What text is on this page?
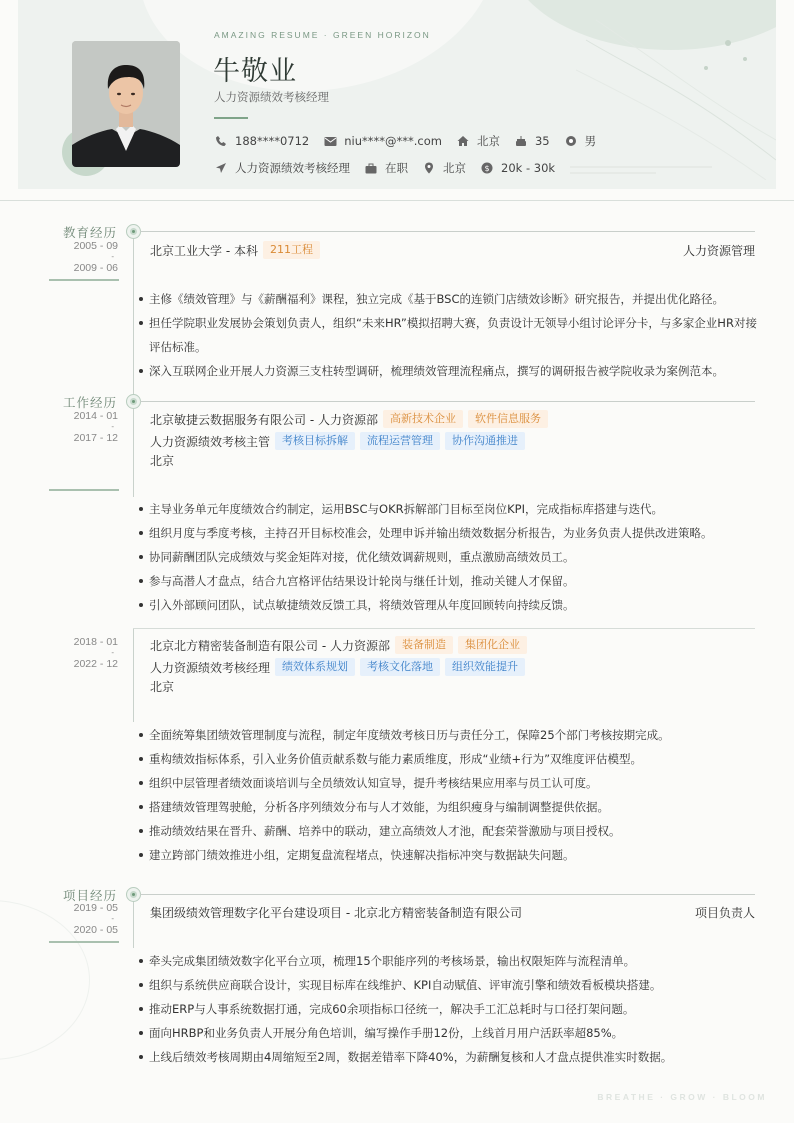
AMAZING RESUME · GREEN HORIZON
牛敬业
人力资源绩效考核经理
188****0712	niu****@***.com	北京	35	男
人力资源绩效考核经理	在职	北京 $ 20k - 30k
教育经历
2005 - 09
-
2009 - 06
北京工业大学 - 本科	211工程	人力资源管理
主修《绩效管理》与《薪酬福利》课程，独立完成《基于BSC的连锁门店绩效诊断》研究报告，并提出优化路径。
担任学院职业发展协会策划负责人，组织“未来HR”模拟招聘大赛，负责设计无领导小组讨论评分卡，与多家企业HR对接评估标准。
深入互联网企业开展人力资源三支柱转型调研，梳理绩效管理流程痛点，撰写的调研报告被学院收录为案例范本。
工作经历
2014 - 01
-
2017 - 12
北京敏捷云数据服务有限公司 - 人力资源部	高新技术企业	软件信息服务
人力资源绩效考核主管	考核目标拆解	流程运营管理	协作沟通推进
北京
主导业务单元年度绩效合约制定，运用BSC与OKR拆解部门目标至岗位KPI，完成指标库搭建与迭代。
组织月度与季度考核，主持召开目标校准会，处理申诉并输出绩效数据分析报告，为业务负责人提供改进策略。
协同薪酬团队完成绩效与奖金矩阵对接，优化绩效调薪规则，重点激励高绩效员工。
参与高潜人才盘点，结合九宫格评估结果设计轮岗与继任计划，推动关键人才保留。
引入外部顾问团队，试点敏捷绩效反馈工具，将绩效管理从年度回顾转向持续反馈。
2018 - 01
-
2022 - 12
北京北方精密装备制造有限公司 - 人力资源部	装备制造	集团化企业
人力资源绩效考核经理	绩效体系规划	考核文化落地	组织效能提升
北京
全面统筹集团绩效管理制度与流程，制定年度绩效考核日历与责任分工，保障25个部门考核按期完成。
重构绩效指标体系，引入业务价值贡献系数与能力素质维度，形成“业绩+行为”双维度评估模型。
组织中层管理者绩效面谈培训与全员绩效认知宣导，提升考核结果应用率与员工认可度。
搭建绩效管理驾驶舱，分析各序列绩效分布与人才效能，为组织瘦身与编制调整提供依据。
推动绩效结果在晋升、薪酬、培养中的联动，建立高绩效人才池，配套荣誉激励与项目授权。
建立跨部门绩效推进小组，定期复盘流程堵点，快速解决指标冲突与数据缺失问题。
项目经历
2019 - 05
-
2020 - 05
集团级绩效管理数字化平台建设项目 - 北京北方精密装备制造有限公司	项目负责人
牵头完成集团绩效数字化平台立项，梳理15个职能序列的考核场景，输出权限矩阵与流程清单。
组织与系统供应商联合设计，实现目标库在线维护、KPI自动赋值、评审流引擎和绩效看板模块搭建。
推动ERP与人事系统数据打通，完成60余项指标口径统一，解决手工汇总耗时与口径打架问题。
面向HRBP和业务负责人开展分角色培训，编写操作手册12份，上线首月用户活跃率超85%。
上线后绩效考核周期由4周缩短至2周，数据差错率下降40%，为薪酬复核和人才盘点提供准实时数据。
BREATHE · GROW · BLOOM
